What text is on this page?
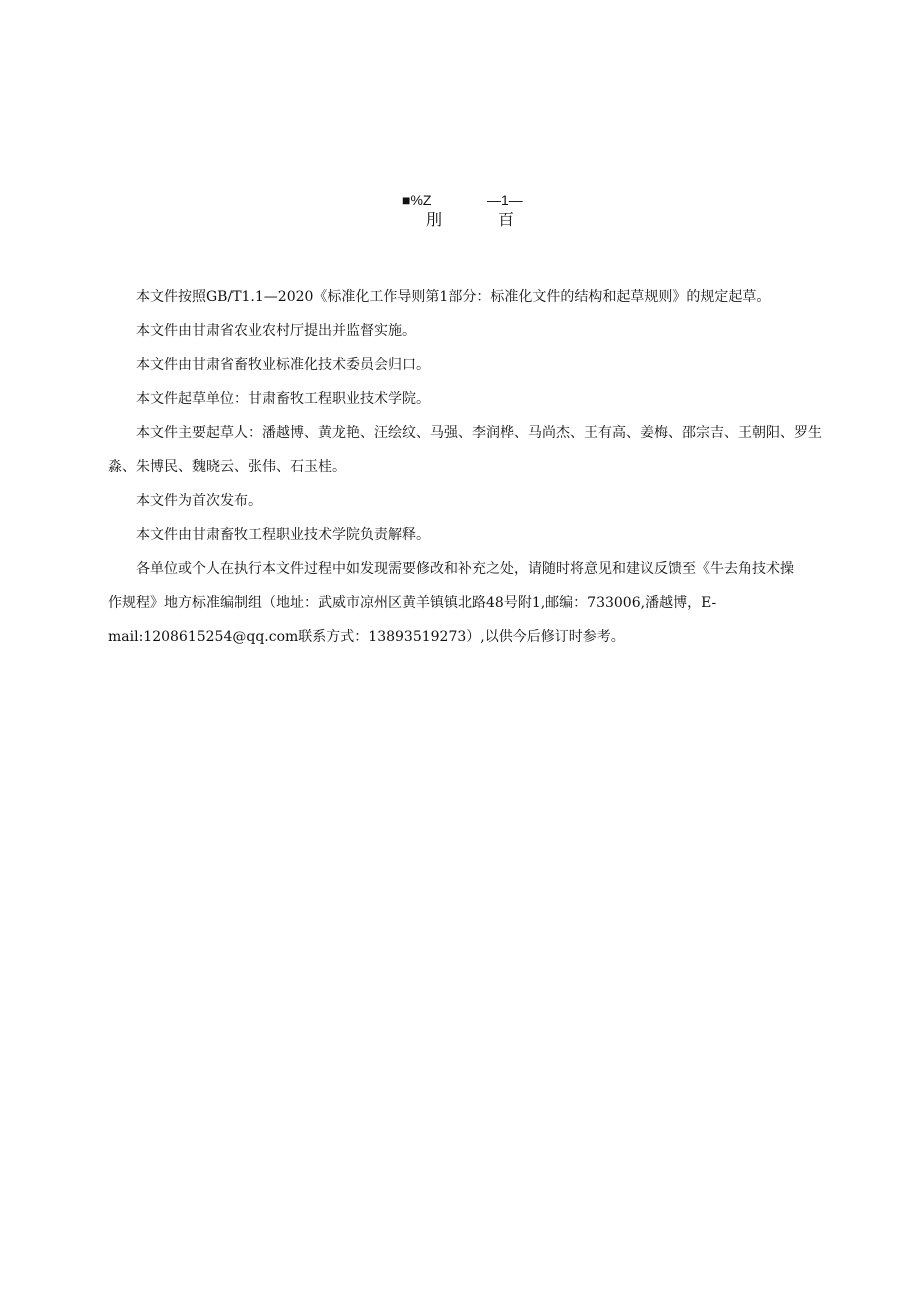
■%Z	—1—
刖	百

本文件按照GB/T1.1—2020《标准化工作导则第1部分：标准化文件的结构和起草规则》的规定起草。

本文件由甘肃省农业农村厅提出并监督实施。

本文件由甘肃省畜牧业标准化技术委员会归口。

本文件起草单位：甘肃畜牧工程职业技术学院。

本文件主要起草人：潘越博、黄龙艳、汪绘纹、马强、李润桦、马尚杰、王有高、姜梅、邵宗吉、王朝阳、罗生淼、朱博民、魏晓云、张伟、石玉桂。

本文件为首次发布。

本文件由甘肃畜牧工程职业技术学院负责解释。

各单位或个人在执行本文件过程中如发现需要修改和补充之处，请随时将意见和建议反馈至《牛去角技术操

作规程》地方标准编制组（地址：武威市凉州区黄羊镇镇北路48号附1,邮编：733006,潘越博，E-

mail:1208615254@qq.com联系方式：13893519273）,以供今后修订时参考。
